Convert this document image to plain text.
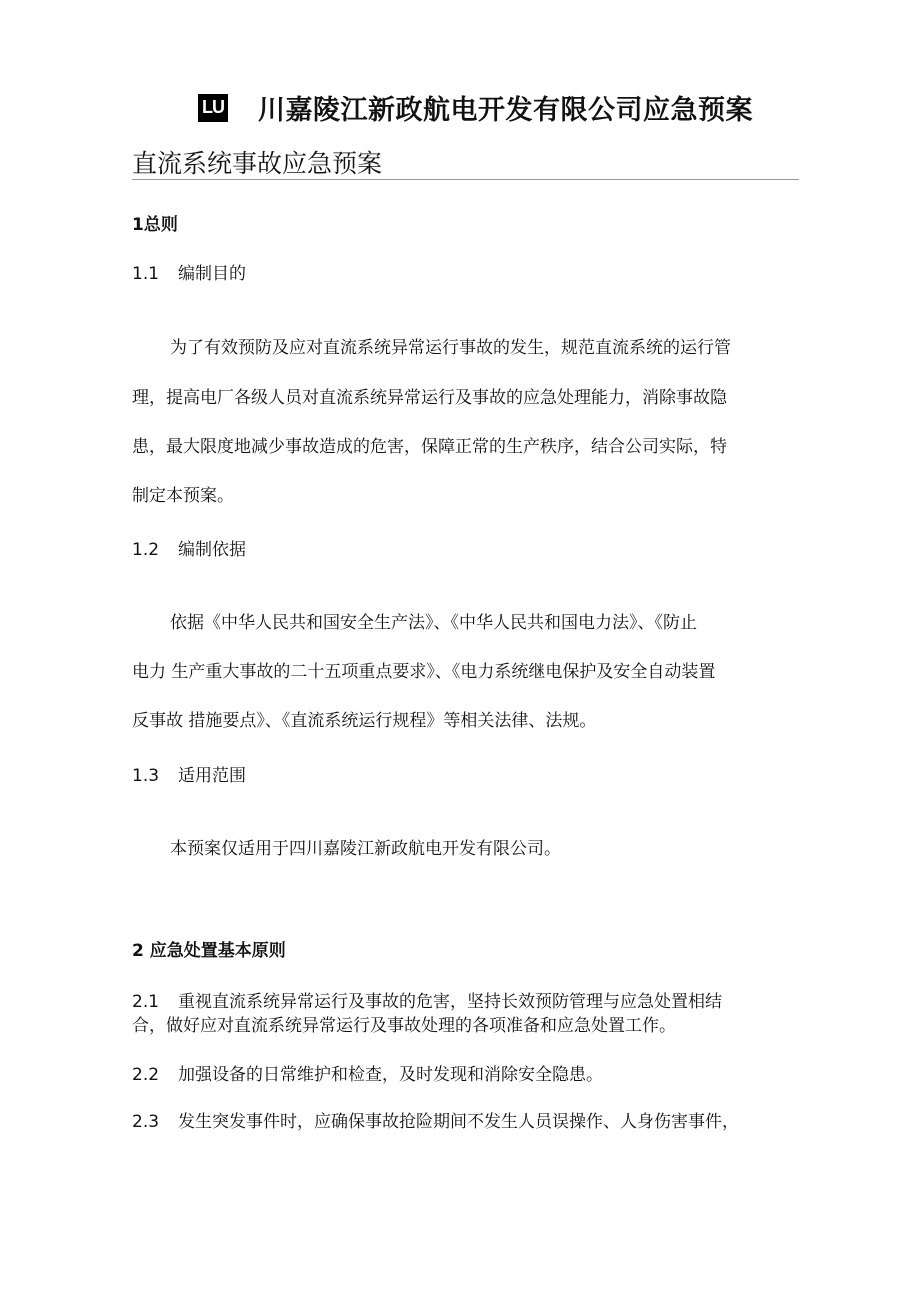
LU 川嘉陵江新政航电开发有限公司应急预案
直流系统事故应急预案
1总则
1.1 编制目的
为了有效预防及应对直流系统异常运行事故的发生，规范直流系统的运行管
理，提高电厂各级人员对直流系统异常运行及事故的应急处理能力，消除事故隐
患，最大限度地减少事故造成的危害，保障正常的生产秩序，结合公司实际，特
制定本预案。
1.2 编制依据
依据《中华人民共和国安全生产法》、《中华人民共和国电力法》、《防止
电力 生产重大事故的二十五项重点要求》、《电力系统继电保护及安全自动装置
反事故 措施要点》、《直流系统运行规程》等相关法律、法规。
1.3 适用范围
本预案仅适用于四川嘉陵江新政航电开发有限公司。
2 应急处置基本原则
2.1 重视直流系统异常运行及事故的危害，坚持长效预防管理与应急处置相结
合，做好应对直流系统异常运行及事故处理的各项准备和应急处置工作。
2.2 加强设备的日常维护和检查，及时发现和消除安全隐患。
2.3 发生突发事件时，应确保事故抢险期间不发生人员误操作、人身伤害事件，
